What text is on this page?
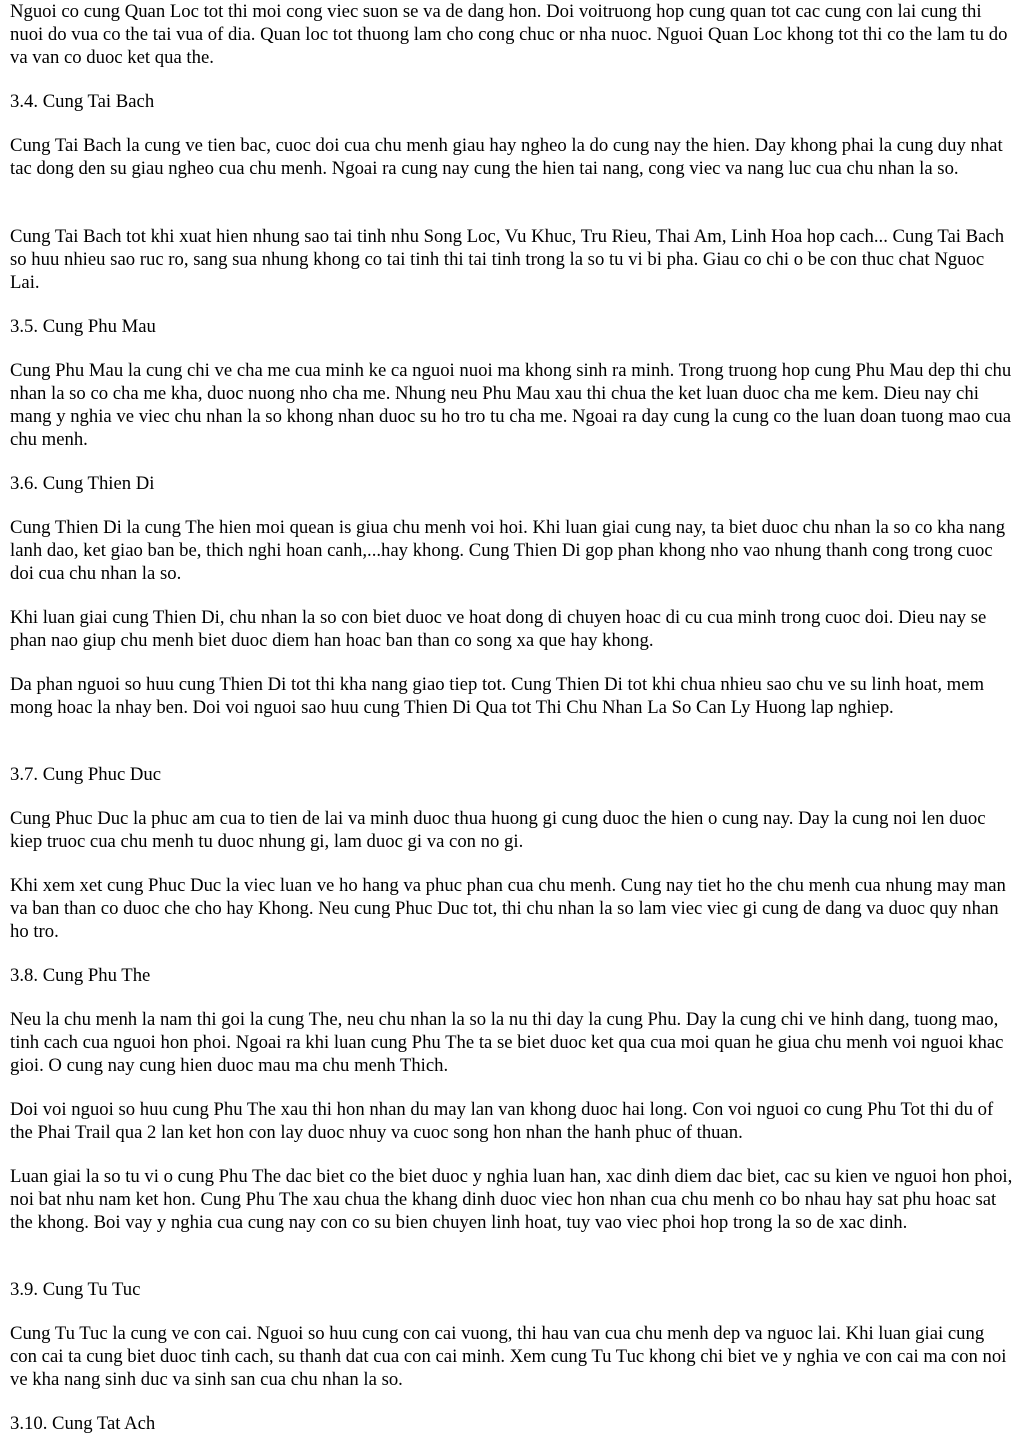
Nguoi co cung Quan Loc tot thi moi cong viec suon se va de dang hon. Doi voitruong hop cung quan tot cac cung con lai cung thi nuoi do vua co the tai vua of dia. Quan loc tot thuong lam cho cong chuc or nha nuoc. Nguoi Quan Loc khong tot thi co the lam tu do va van co duoc ket qua the.

3.4. Cung Tai Bach

Cung Tai Bach la cung ve tien bac, cuoc doi cua chu menh giau hay ngheo la do cung nay the hien. Day khong phai la cung duy nhat tac dong den su giau ngheo cua chu menh. Ngoai ra cung nay cung the hien tai nang, cong viec va nang luc cua chu nhan la so.

Cung Tai Bach tot khi xuat hien nhung sao tai tinh nhu Song Loc, Vu Khuc, Tru Rieu, Thai Am, Linh Hoa hop cach... Cung Tai Bach so huu nhieu sao ruc ro, sang sua nhung khong co tai tinh thi tai tinh trong la so tu vi bi pha. Giau co chi o be con thuc chat Nguoc Lai.

3.5. Cung Phu Mau

Cung Phu Mau la cung chi ve cha me cua minh ke ca nguoi nuoi ma khong sinh ra minh. Trong truong hop cung Phu Mau dep thi chu nhan la so co cha me kha, duoc nuong nho cha me. Nhung neu Phu Mau xau thi chua the ket luan duoc cha me kem. Dieu nay chi mang y nghia ve viec chu nhan la so khong nhan duoc su ho tro tu cha me. Ngoai ra day cung la cung co the luan doan tuong mao cua chu menh.

3.6. Cung Thien Di

Cung Thien Di la cung The hien moi quean is giua chu menh voi hoi. Khi luan giai cung nay, ta biet duoc chu nhan la so co kha nang lanh dao, ket giao ban be, thich nghi hoan canh,...hay khong. Cung Thien Di gop phan khong nho vao nhung thanh cong trong cuoc doi cua chu nhan la so.

Khi luan giai cung Thien Di, chu nhan la so con biet duoc ve hoat dong di chuyen hoac di cu cua minh trong cuoc doi. Dieu nay se phan nao giup chu menh biet duoc diem han hoac ban than co song xa que hay khong.

Da phan nguoi so huu cung Thien Di tot thi kha nang giao tiep tot. Cung Thien Di tot khi chua nhieu sao chu ve su linh hoat, mem mong hoac la nhay ben. Doi voi nguoi sao huu cung Thien Di Qua tot Thi Chu Nhan La So Can Ly Huong lap nghiep.

3.7. Cung Phuc Duc

Cung Phuc Duc la phuc am cua to tien de lai va minh duoc thua huong gi cung duoc the hien o cung nay. Day la cung noi len duoc kiep truoc cua chu menh tu duoc nhung gi, lam duoc gi va con no gi.

Khi xem xet cung Phuc Duc la viec luan ve ho hang va phuc phan cua chu menh. Cung nay tiet ho the chu menh cua nhung may man va ban than co duoc che cho hay Khong. Neu cung Phuc Duc tot, thi chu nhan la so lam viec viec gi cung de dang va duoc quy nhan ho tro.

3.8. Cung Phu The

Neu la chu menh la nam thi goi la cung The, neu chu nhan la so la nu thi day la cung Phu. Day la cung chi ve hinh dang, tuong mao, tinh cach cua nguoi hon phoi. Ngoai ra khi luan cung Phu The ta se biet duoc ket qua cua moi quan he giua chu menh voi nguoi khac gioi. O cung nay cung hien duoc mau ma chu menh Thich.

Doi voi nguoi so huu cung Phu The xau thi hon nhan du may lan van khong duoc hai long. Con voi nguoi co cung Phu Tot thi du of the Phai Trail qua 2 lan ket hon con lay duoc nhuy va cuoc song hon nhan the hanh phuc of thuan.

Luan giai la so tu vi o cung Phu The dac biet co the biet duoc y nghia luan han, xac dinh diem dac biet, cac su kien ve nguoi hon phoi, noi bat nhu nam ket hon. Cung Phu The xau chua the khang dinh duoc viec hon nhan cua chu menh co bo nhau hay sat phu hoac sat the khong. Boi vay y nghia cua cung nay con co su bien chuyen linh hoat, tuy vao viec phoi hop trong la so de xac dinh.

3.9. Cung Tu Tuc

Cung Tu Tuc la cung ve con cai. Nguoi so huu cung con cai vuong, thi hau van cua chu menh dep va nguoc lai. Khi luan giai cung con cai ta cung biet duoc tinh cach, su thanh dat cua con cai minh. Xem cung Tu Tuc khong chi biet ve y nghia ve con cai ma con noi ve kha nang sinh duc va sinh san cua chu nhan la so.

3.10. Cung Tat Ach
